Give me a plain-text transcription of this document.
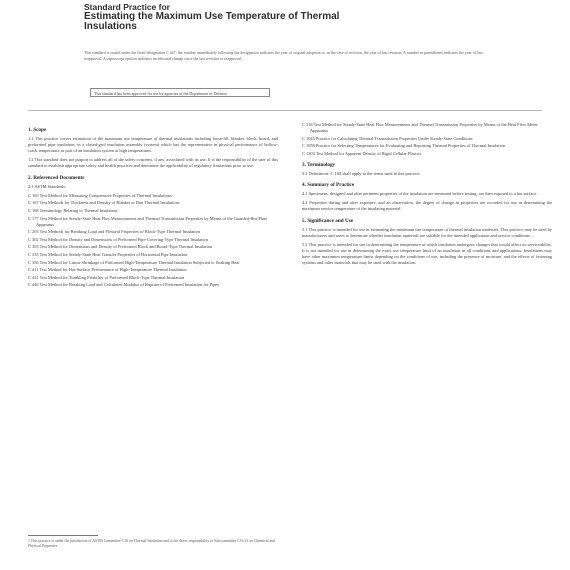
Standard Practice for
Estimating the Maximum Use Temperature of Thermal
Insulations
This standard is issued under the fixed designation C 447; the number immediately following the designation indicates the year of original adoption or, in the case of revision, the year of last revision. A number in parentheses indicates the year of last reapproval. A superscript epsilon indicates an editorial change since the last revision or reapproval.
This standard has been approved for use by agencies of the Department of Defense.
1. Scope
1.1 This practice covers estimation of the maximum use temperature of thermal insulations including loose-fill, blanket, block, board, and preformed pipe insulation, in a closed-grid insulation assembly (system) which has the representative in physical performance of hollow-crack temperature as part of an insulation system at high temperatures.
1.2 This standard does not purport to address all of the safety concerns, if any, associated with its use. It is the responsibility of the user of this standard to establish appropriate safety and health practices and determine the applicability of regulatory limitations prior to use.
2. Referenced Documents
2.1 ASTM Standards:
C 165 Test Method for Measuring Compressive Properties of Thermal Insulations
C 167 Test Methods for Thickness and Density of Blanket or Batt Thermal Insulations
C 168 Terminology Relating to Thermal Insulation
C 177 Test Method for Steady-State Heat Flux Measurements and Thermal Transmission Properties by Means of the Guarded-Hot-Plate Apparatus
C 203 Test Methods for Breaking Load and Flexural Properties of Block-Type Thermal Insulation
C 302 Test Method for Density and Dimensions of Preformed Pipe-Covering-Type Thermal Insulation
C 303 Test Method for Dimensions and Density of Preformed Block and Board-Type Thermal Insulation
C 335 Test Method for Steady-State Heat Transfer Properties of Horizontal Pipe Insulation
C 356 Test Method for Linear Shrinkage of Preformed High-Temperature Thermal Insulation Subjected to Soaking Heat
C 411 Test Method for Hot-Surface Performance of High-Temperature Thermal Insulation
C 421 Test Method for Tumbling Friability of Preformed Block-Type Thermal Insulation
C 446 Test Method for Breaking Load and Calculated Modulus of Rupture of Preformed Insulation for Pipes
C 518 Test Method for Steady-State Heat Flux Measurements and Thermal Transmission Properties by Means of the Heat Flow Meter Apparatus
C 1045 Practice for Calculating Thermal Transmission Properties Under Steady-State Conditions
C 1058 Practice for Selecting Temperatures for Evaluating and Reporting Thermal Properties of Thermal Insulation
C 1303 Test Method for Apparent Density of Rigid Cellular Plastics
3. Terminology
3.1 Definitions: C 168 shall apply to the terms used in this practice.
4. Summary of Practice
4.1 Specimens, designed and after pertinent properties of the insulation are measured before testing, are then exposed to a hot surface.
4.2 Properties during and after exposure, and an observation, the degree of change in properties are recorded for use in determining the maximum service temperature of the insulating material.
5. Significance and Use
5.1 This practice is intended for use in estimating the maximum use temperature of thermal insulation materials. This practice may be used by manufacturers and users to determine whether insulation materials are suitable for the intended application and service conditions.
5.2 This practice is intended for use in determining the temperature at which insulation undergoes changes that would affect its serviceability. It is not intended for use in determining the exact use temperature limit of an insulation in all conditions and applications. Insulations may have other maximum temperature limits depending on the conditions of use, including the presence of moisture, and the effects of fastening systems and other materials that may be used with the insulation.
1 This practice is under the jurisdiction of ASTM Committee C16 on Thermal Insulation and is the direct responsibility of Subcommittee C16.31 on Chemical and Physical Properties.
